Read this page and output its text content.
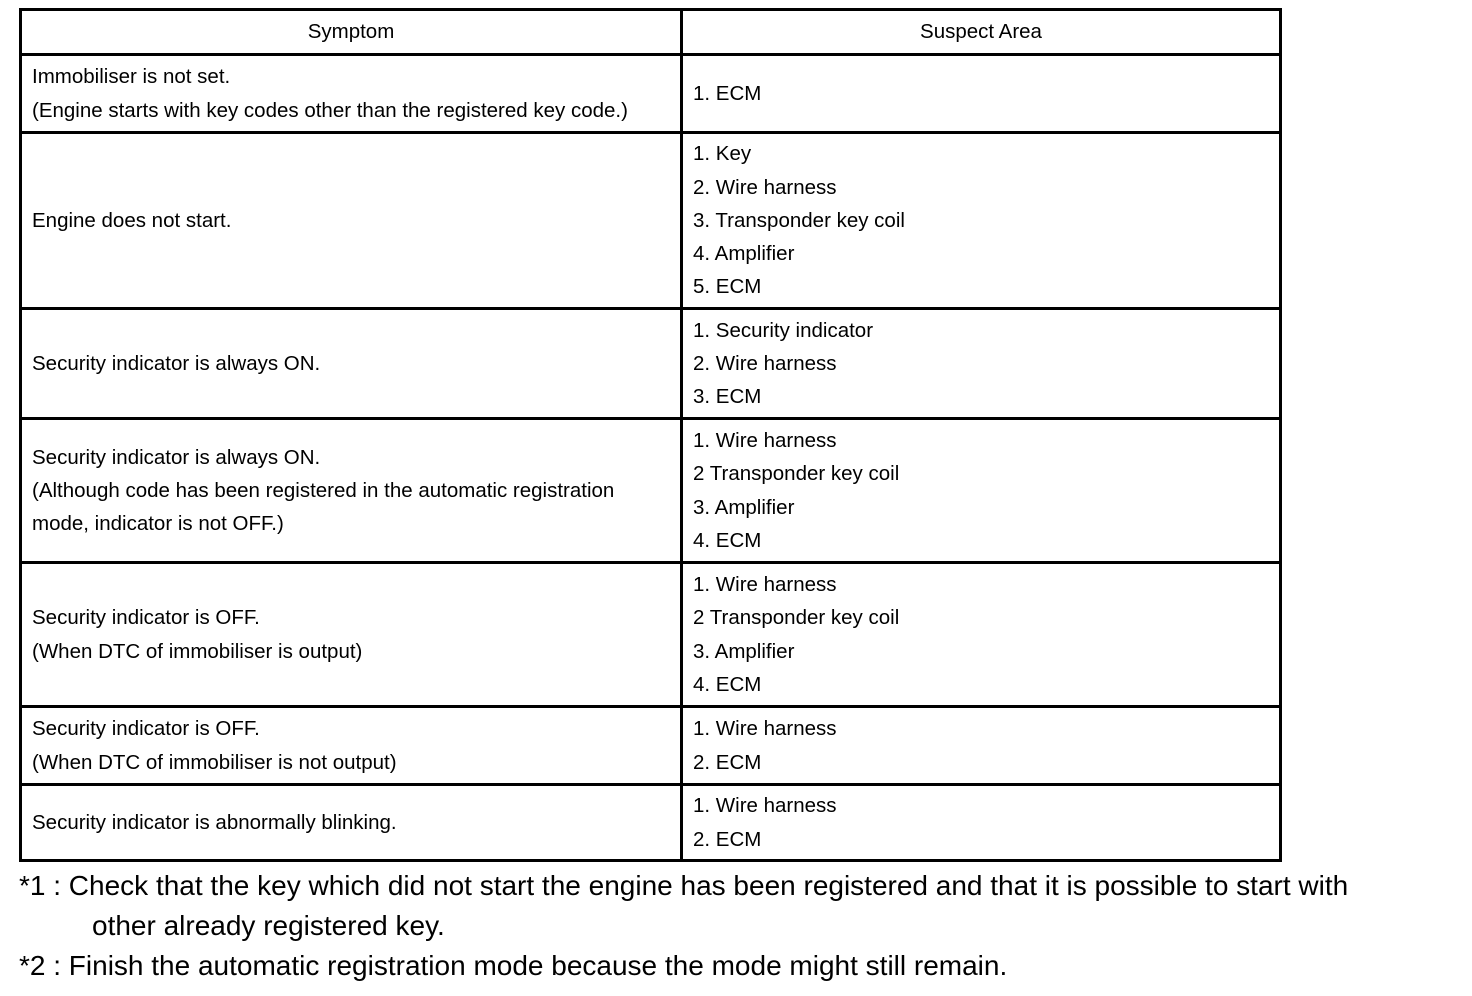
Symptom	Suspect Area

Immobiliser is not set.
(Engine starts with key codes other than the registered key code.)	1. ECM

Engine does not start.	1. Key
2. Wire harness
3. Transponder key coil
4. Amplifier
5. ECM

Security indicator is always ON.	1. Security indicator
2. Wire harness
3. ECM

Security indicator is always ON.
(Although code has been registered in the automatic registration
mode, indicator is not OFF.)	1. Wire harness
2 Transponder key coil
3. Amplifier
4. ECM

Security indicator is OFF.
(When DTC of immobiliser is output)	1. Wire harness
2 Transponder key coil
3. Amplifier
4. ECM

Security indicator is OFF.
(When DTC of immobiliser is not output)	1. Wire harness
2. ECM

Security indicator is abnormally blinking.	1. Wire harness
2. ECM
*1 : Check that the key which did not start the engine has been registered and that it is possible to start with
other already registered key.
*2 : Finish the automatic registration mode because the mode might still remain.
